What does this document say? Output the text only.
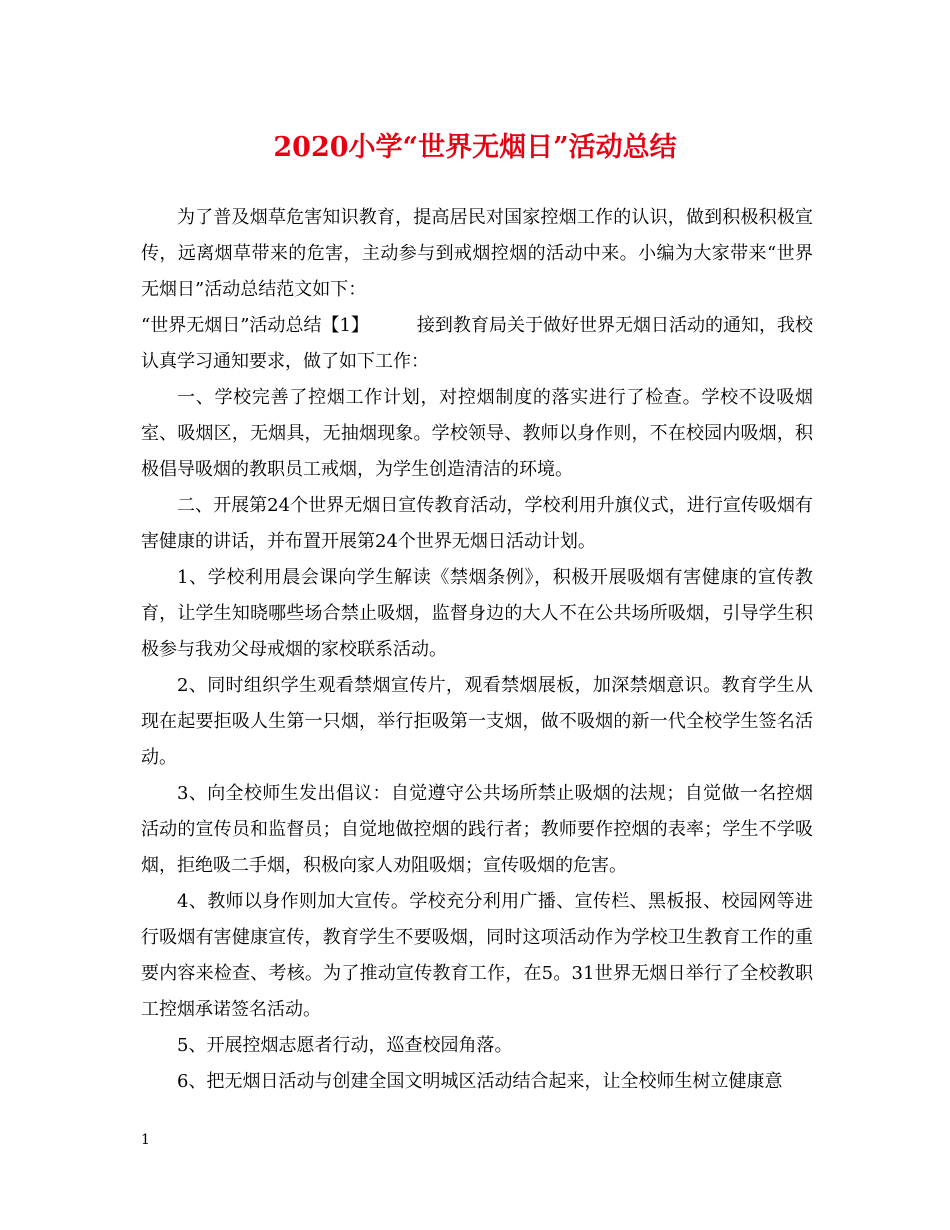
2020小学“世界无烟日”活动总结

为了普及烟草危害知识教育，提高居民对国家控烟工作的认识，做到积极积极宣传，远离烟草带来的危害，主动参与到戒烟控烟的活动中来。小编为大家带来“世界无烟日”活动总结范文如下：

“世界无烟日”活动总结【1】	接到教育局关于做好世界无烟日活动的通知，我校认真学习通知要求，做了如下工作：

一、学校完善了控烟工作计划，对控烟制度的落实进行了检查。学校不设吸烟室、吸烟区，无烟具，无抽烟现象。学校领导、教师以身作则，不在校园内吸烟，积极倡导吸烟的教职员工戒烟，为学生创造清洁的环境。

二、开展第24个世界无烟日宣传教育活动，学校利用升旗仪式，进行宣传吸烟有害健康的讲话，并布置开展第24个世界无烟日活动计划。

1、学校利用晨会课向学生解读《禁烟条例》，积极开展吸烟有害健康的宣传教育，让学生知晓哪些场合禁止吸烟，监督身边的大人不在公共场所吸烟，引导学生积极参与我劝父母戒烟的家校联系活动。

2、同时组织学生观看禁烟宣传片，观看禁烟展板，加深禁烟意识。教育学生从现在起要拒吸人生第一只烟，举行拒吸第一支烟，做不吸烟的新一代全校学生签名活动。

3、向全校师生发出倡议：自觉遵守公共场所禁止吸烟的法规；自觉做一名控烟活动的宣传员和监督员；自觉地做控烟的践行者；教师要作控烟的表率；学生不学吸烟，拒绝吸二手烟，积极向家人劝阻吸烟；宣传吸烟的危害。

4、教师以身作则加大宣传。学校充分利用广播、宣传栏、黑板报、校园网等进行吸烟有害健康宣传，教育学生不要吸烟，同时这项活动作为学校卫生教育工作的重要内容来检查、考核。为了推动宣传教育工作，在5。31世界无烟日举行了全校教职工控烟承诺签名活动。

5、开展控烟志愿者行动，巡查校园角落。

6、把无烟日活动与创建全国文明城区活动结合起来，让全校师生树立健康意

1
